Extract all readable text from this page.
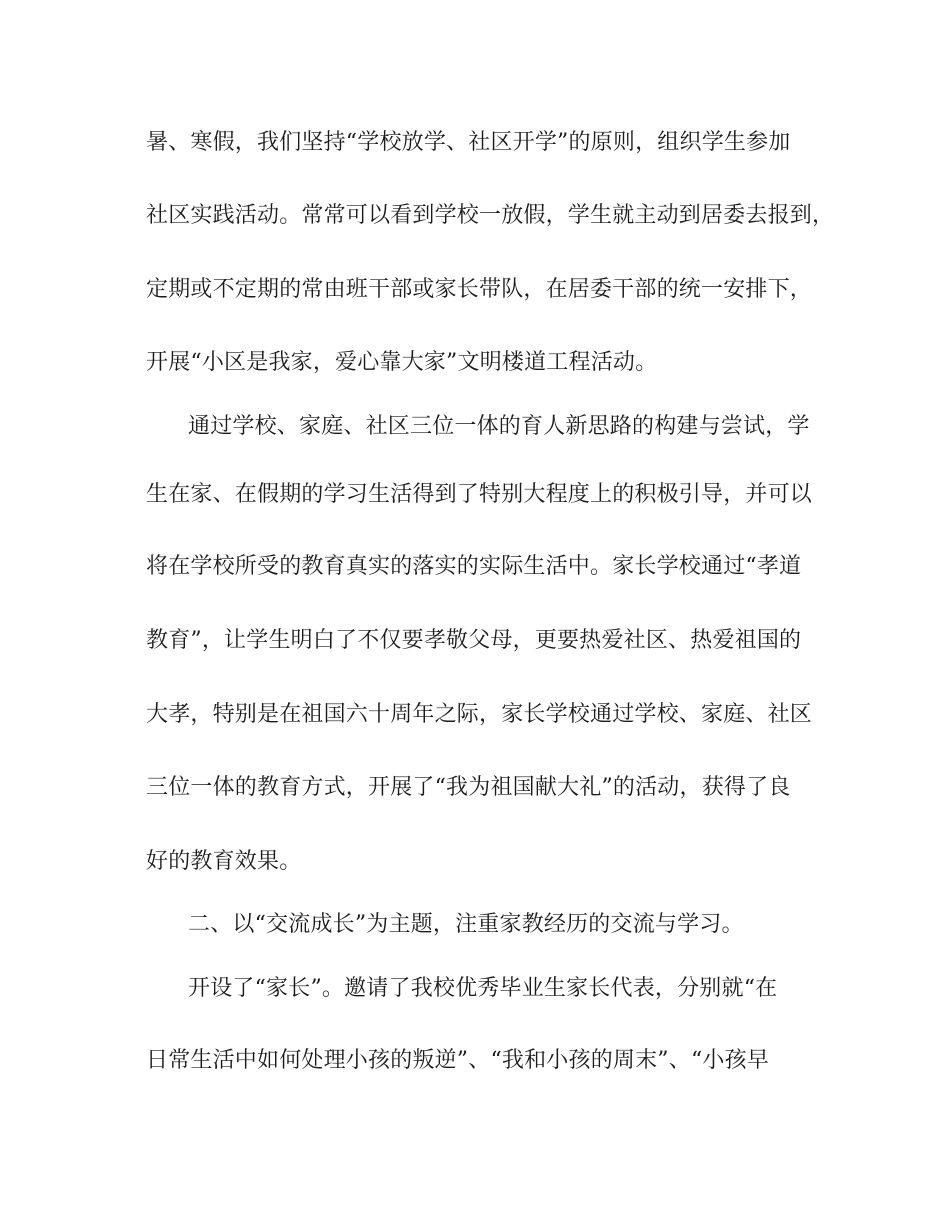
暑、寒假，我们坚持“学校放学、社区开学”的原则，组织学生参加
社区实践活动。常常可以看到学校一放假，学生就主动到居委去报到，
定期或不定期的常由班干部或家长带队，在居委干部的统一安排下，
开展“小区是我家，爱心靠大家”文明楼道工程活动。
通过学校、家庭、社区三位一体的育人新思路的构建与尝试，学
生在家、在假期的学习生活得到了特别大程度上的积极引导，并可以
将在学校所受的教育真实的落实的实际生活中。家长学校通过“孝道
教育”，让学生明白了不仅要孝敬父母，更要热爱社区、热爱祖国的
大孝，特别是在祖国六十周年之际，家长学校通过学校、家庭、社区
三位一体的教育方式，开展了“我为祖国献大礼”的活动，获得了良
好的教育效果。
二、以“交流成长”为主题，注重家教经历的交流与学习。
开设了“家长”。邀请了我校优秀毕业生家长代表，分别就“在
日常生活中如何处理小孩的叛逆”、“我和小孩的周末”、“小孩早
